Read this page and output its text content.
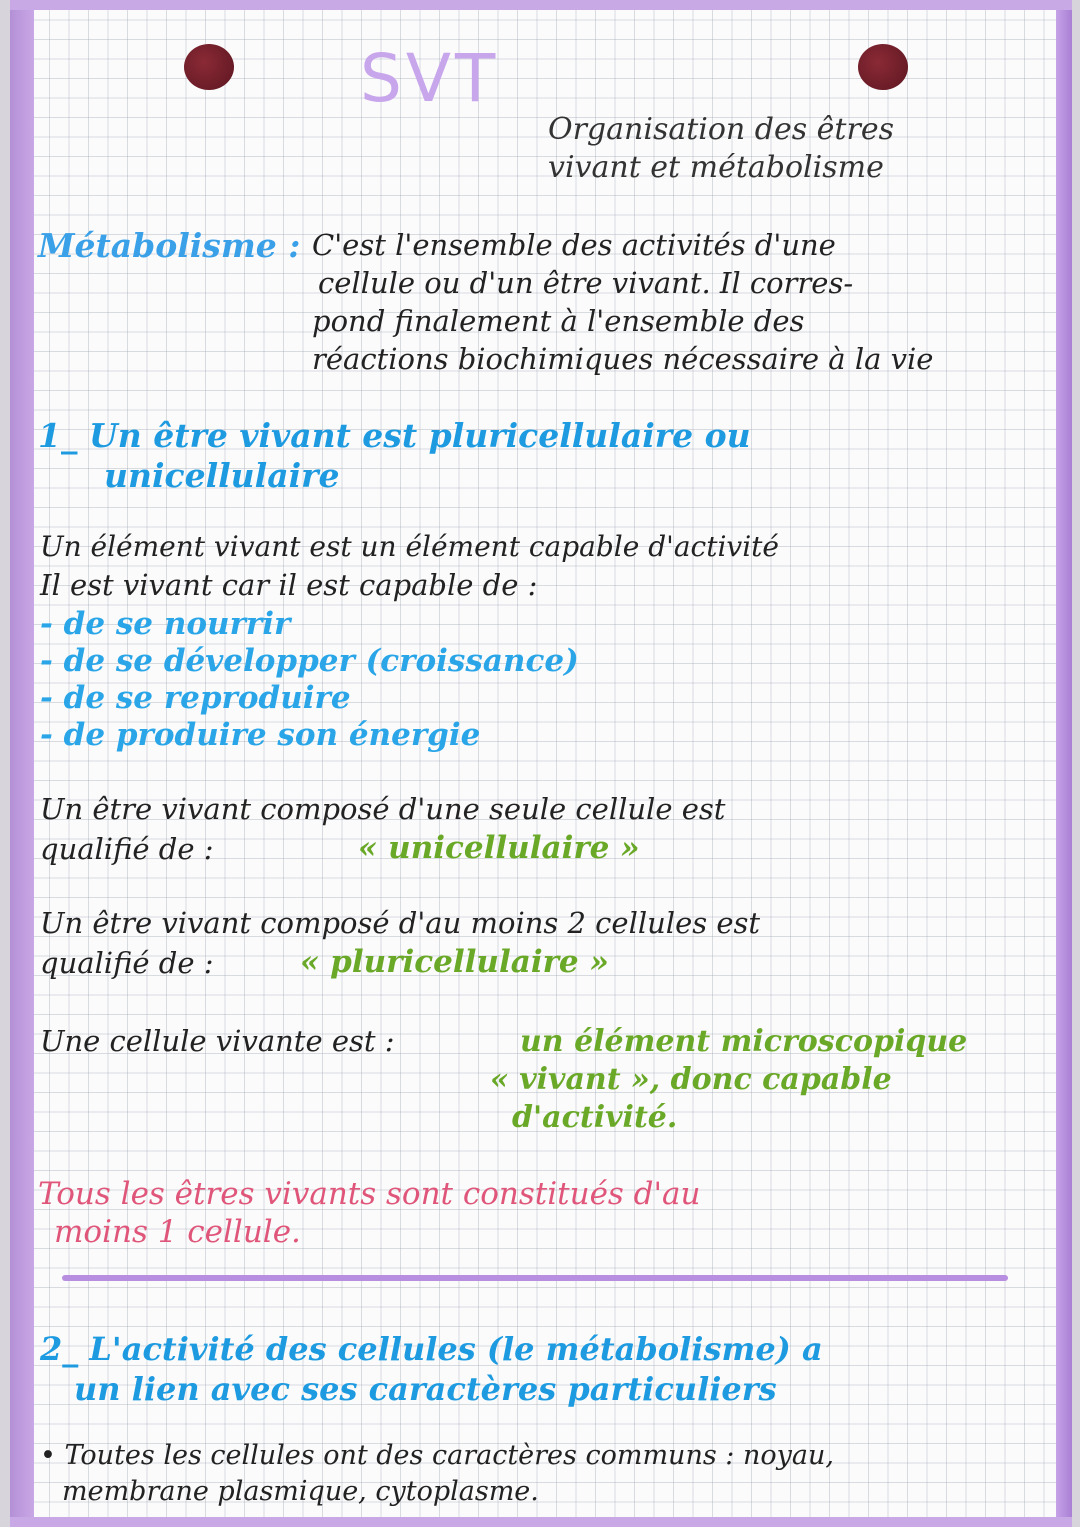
SVT
Organisation des êtres
vivant et métabolisme
Métabolisme : C'est l'ensemble des activités d'une
cellule ou d'un être vivant. Il corres-
pond finalement à l'ensemble des
réactions biochimiques nécessaire à la vie
1_ Un être vivant est pluricellulaire ou
unicellulaire
Un élément vivant est un élément capable d'activité
Il est vivant car il est capable de :
- de se nourrir
- de se développer (croissance)
- de se reproduire
- de produire son énergie
Un être vivant composé d'une seule cellule est
qualifié de :	« unicellulaire »
Un être vivant composé d'au moins 2 cellules est
qualifié de :	« pluricellulaire »
Une cellule vivante est :	un élément microscopique
« vivant », donc capable
d'activité.
Tous les êtres vivants sont constitués d'au
moins 1 cellule.
2_ L'activité des cellules (le métabolisme) a
un lien avec ses caractères particuliers
• Toutes les cellules ont des caractères communs : noyau,
membrane plasmique, cytoplasme.
